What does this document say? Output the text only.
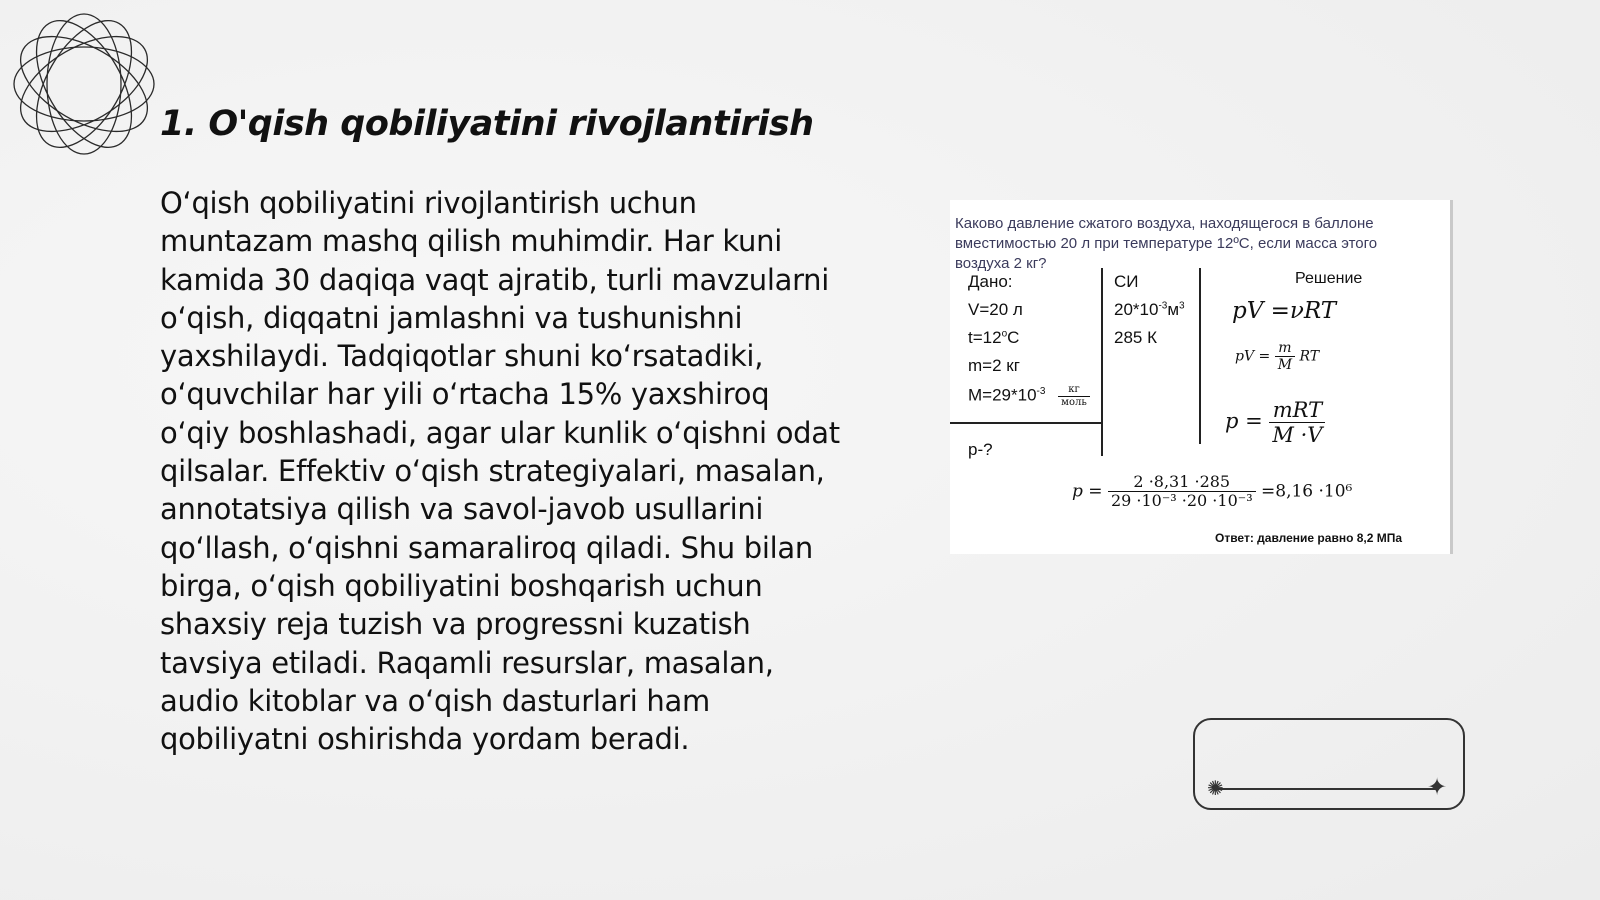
1. O'qish qobiliyatini rivojlantirish

O‘qish qobiliyatini rivojlantirish uchun muntazam mashq qilish muhimdir. Har kuni kamida 30 daqiqa vaqt ajratib, turli mavzularni o‘qish, diqqatni jamlashni va tushunishni yaxshilaydi. Tadqiqotlar shuni ko‘rsatadiki, o‘quvchilar har yili o‘rtacha 15% yaxshiroq o‘qiy boshlashadi, agar ular kunlik o‘qishni odat qilsalar. Effektiv o‘qish strategiyalari, masalan, annotatsiya qilish va savol-javob usullarini qo‘llash, o‘qishni samaraliroq qiladi. Shu bilan birga, o‘qish qobiliyatini boshqarish uchun shaxsiy reja tuzish va progressni kuzatish tavsiya etiladi. Raqamli resurslar, masalan, audio kitoblar va o‘qish dasturlari ham qobiliyatni oshirishda yordam beradi.

Каково давление сжатого воздуха, находящегося в баллоне вместимостью 20 л при температуре 12ºС, если масса этого воздуха 2 кг?
Дано:
V=20 л
$t=12^oC$
m=2 кг
$M=29*10^{-3} \frac{кг}{\text{моль}}$
p-?
СИ
$20*10^{-3}м^3$
285 К
Решение
pV =νRT
pV = $\frac{m}{M}$ RT
$p = \frac{\text{mRT}}{M \cdot V}$
$p = \frac{2 \cdot 8,31 \cdot 285}{\text{29 ·10⁻³ ·20 ·10⁻³}} =8,16 \cdot 10^6$
Ответ: давление равно 8,2 МПа
✺	✦
